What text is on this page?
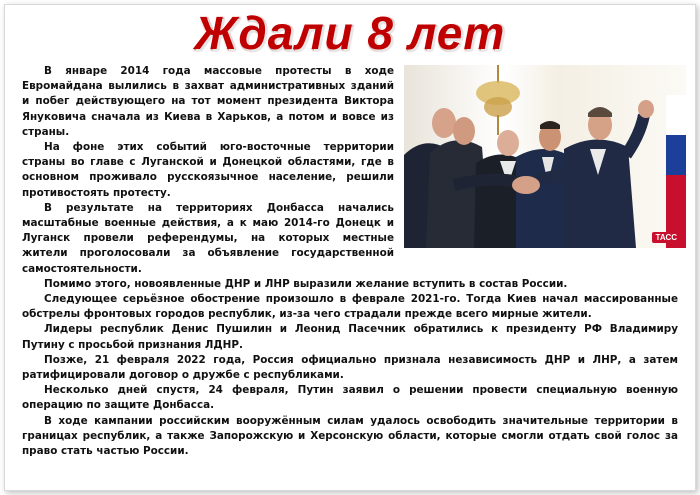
Ждали 8 лет
ТАСС

В январе 2014 года массовые протесты в ходе Евромайдана вылились в захват административных зданий и побег действующего на тот момент президента Виктора Януковича сначала из Киева в Харьков, а потом и вовсе из страны.

На фоне этих событий юго-восточные территории страны во главе с Луганской и Донецкой областями, где в основном проживало русскоязычное население, решили противостоять протесту.

В результате на территориях Донбасса начались масштабные военные действия, а к маю 2014-го Донецк и Луганск провели референдумы, на которых местные жители проголосовали за объявление государственной самостоятельности.

Помимо этого, новоявленные ДНР и ЛНР выразили желание вступить в состав России.

Следующее серьёзное обострение произошло в феврале 2021-го. Тогда Киев начал массированные обстрелы фронтовых городов республик, из-за чего страдали прежде всего мирные жители.

Лидеры республик Денис Пушилин и Леонид Пасечник обратились к президенту РФ Владимиру Путину с просьбой признания ЛДНР.

Позже, 21 февраля 2022 года, Россия официально признала независимость ДНР и ЛНР, а затем ратифицировали договор о дружбе с республиками.

Несколько дней спустя, 24 февраля, Путин заявил о решении провести специальную военную операцию по защите Донбасса.

В ходе кампании российским вооружённым силам удалось освободить значительные территории в границах республик, а также Запорожскую и Херсонскую области, которые смогли отдать свой голос за право стать частью России.
